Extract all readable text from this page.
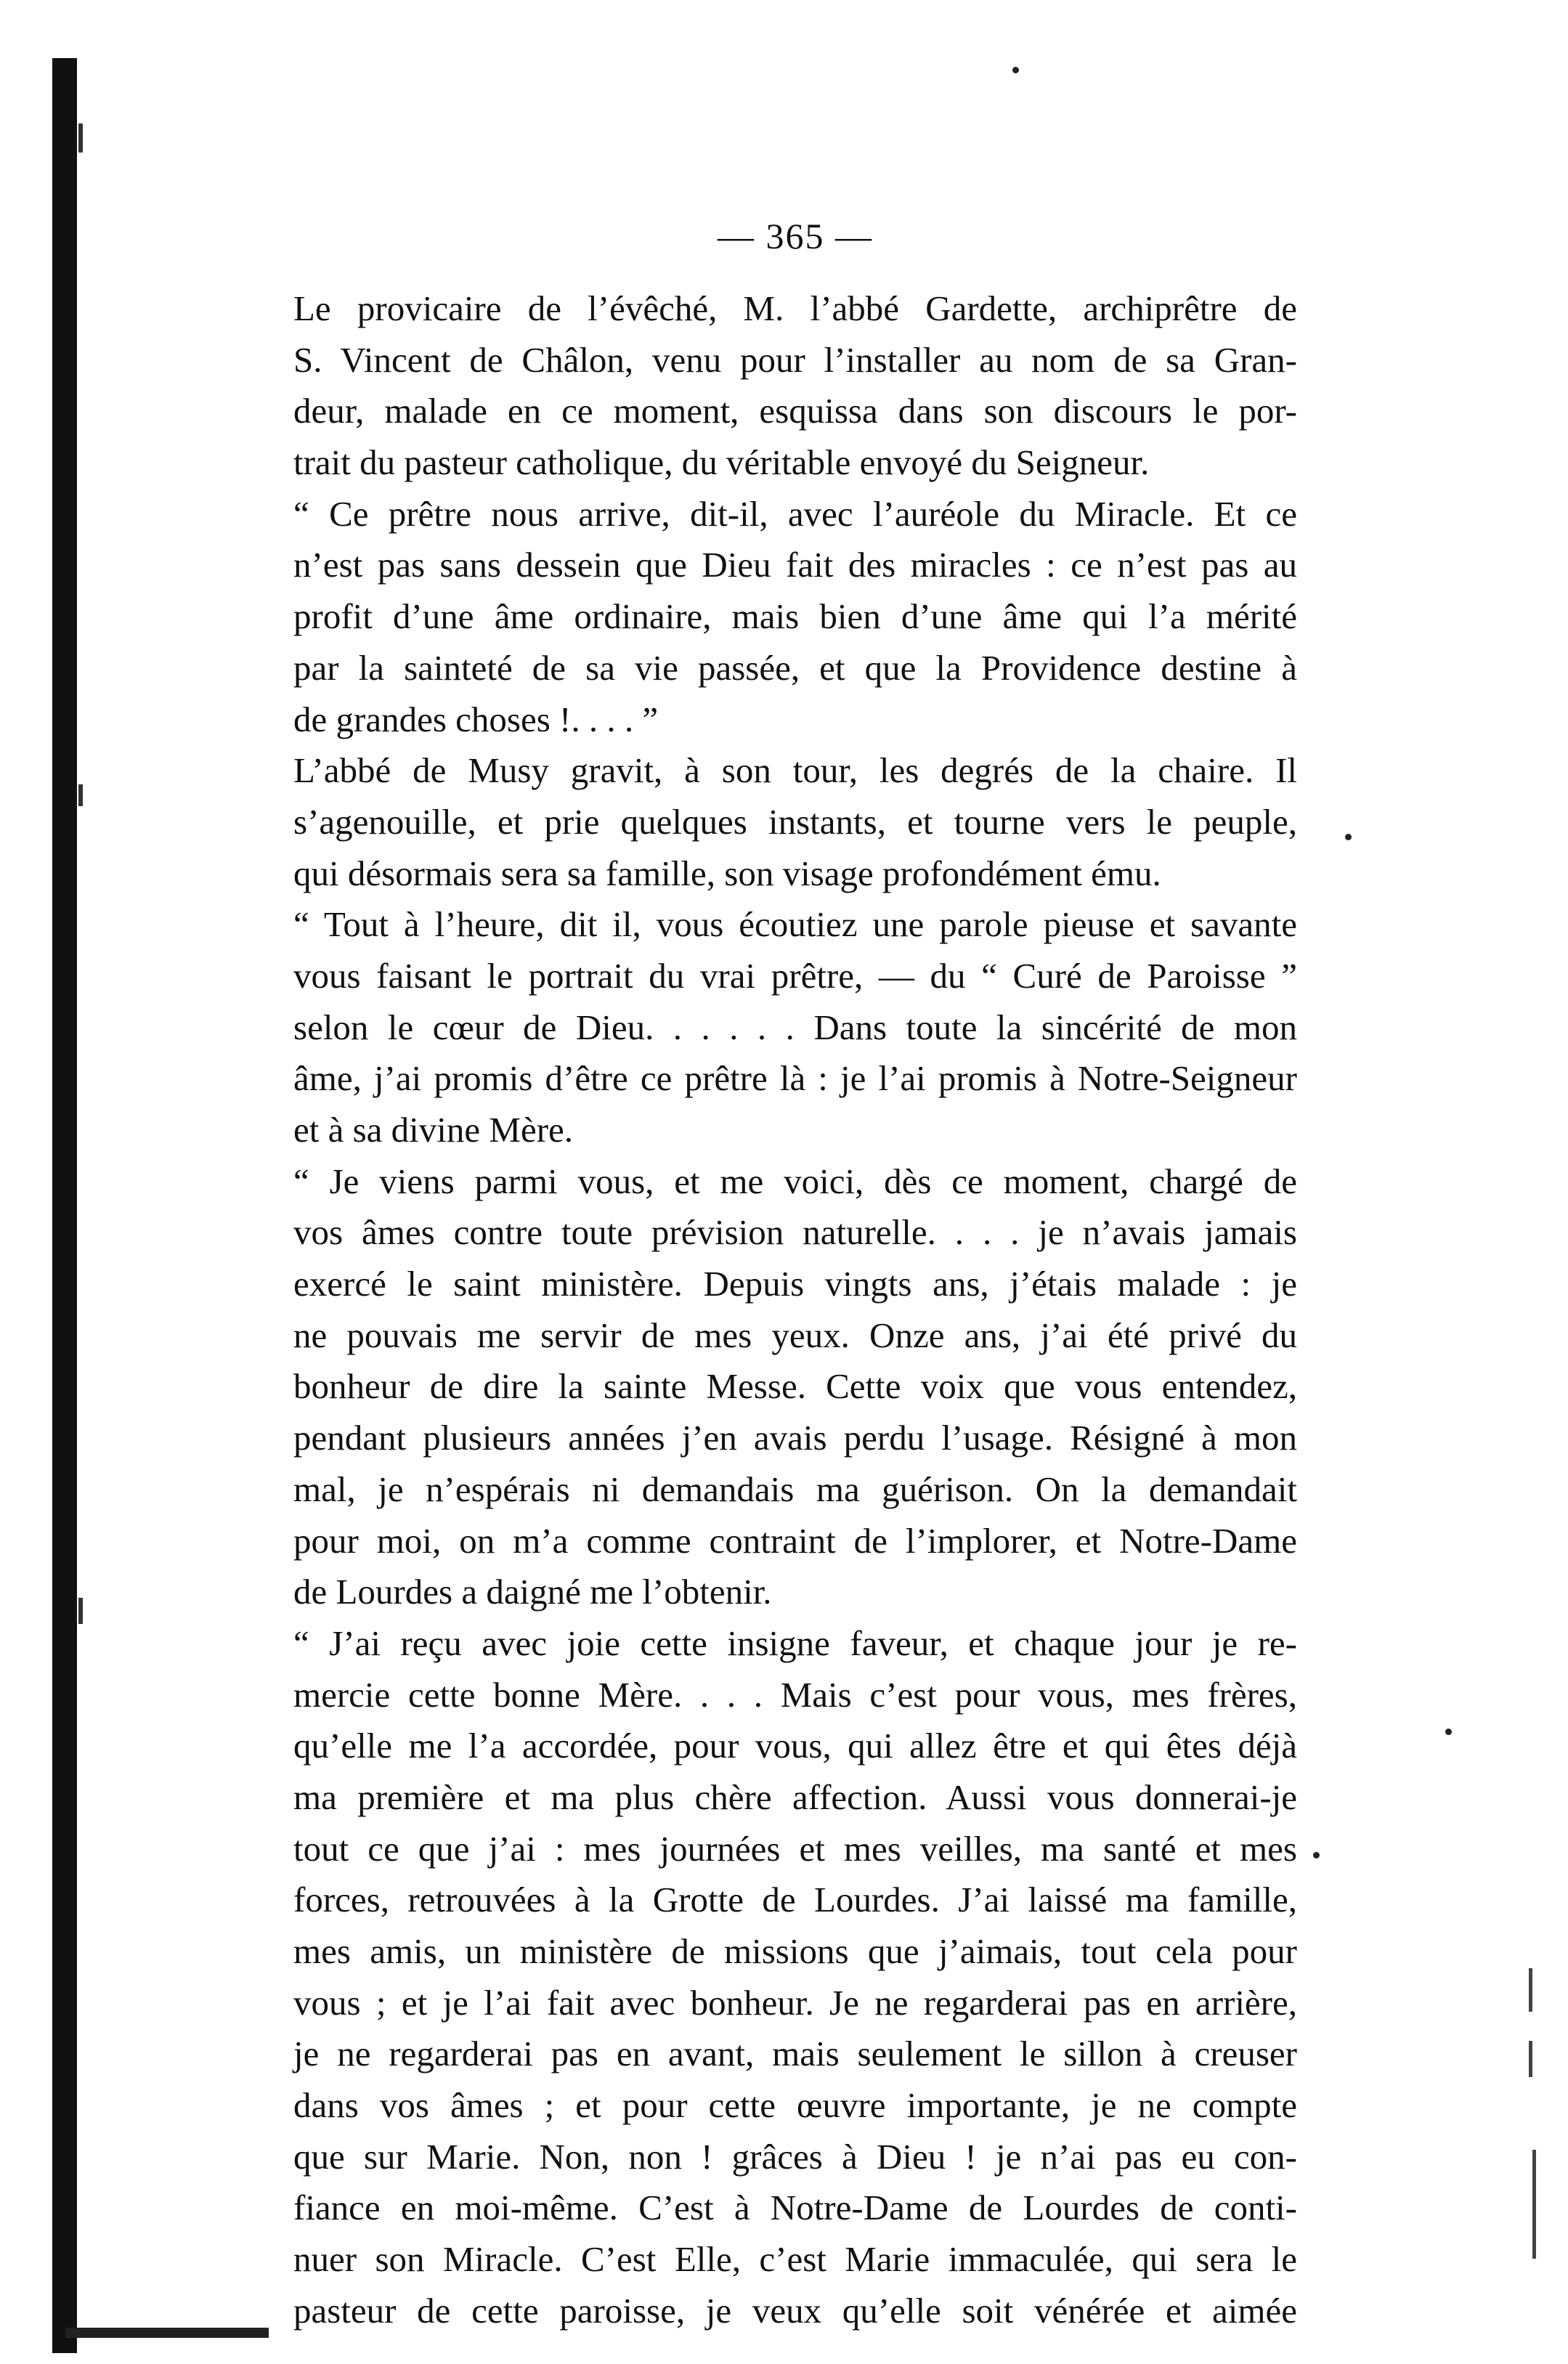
— 365 —
Le provicaire de l’évêché, M. l’abbé Gardette, archiprêtre de
S. Vincent de Châlon, venu pour l’installer au nom de sa Gran-
deur, malade en ce moment, esquissa dans son discours le por-
trait du pasteur catholique, du véritable envoyé du Seigneur.
“ Ce prêtre nous arrive, dit-il, avec l’auréole du Miracle. Et ce
n’est pas sans dessein que Dieu fait des miracles : ce n’est pas au
profit d’une âme ordinaire, mais bien d’une âme qui l’a mérité
par la sainteté de sa vie passée, et que la Providence destine à
de grandes choses !. . . . ”
L’abbé de Musy gravit, à son tour, les degrés de la chaire. Il
s’agenouille, et prie quelques instants, et tourne vers le peuple,
qui désormais sera sa famille, son visage profondément ému.
“ Tout à l’heure, dit il, vous écoutiez une parole pieuse et savante
vous faisant le portrait du vrai prêtre, — du “ Curé de Paroisse ”
selon le cœur de Dieu. . . . . . Dans toute la sincérité de mon
âme, j’ai promis d’être ce prêtre là : je l’ai promis à Notre-Seigneur
et à sa divine Mère.
“ Je viens parmi vous, et me voici, dès ce moment, chargé de
vos âmes contre toute prévision naturelle. . . . je n’avais jamais
exercé le saint ministère. Depuis vingts ans, j’étais malade : je
ne pouvais me servir de mes yeux. Onze ans, j’ai été privé du
bonheur de dire la sainte Messe. Cette voix que vous entendez,
pendant plusieurs années j’en avais perdu l’usage. Résigné à mon
mal, je n’espérais ni demandais ma guérison. On la demandait
pour moi, on m’a comme contraint de l’implorer, et Notre-Dame
de Lourdes a daigné me l’obtenir.
“ J’ai reçu avec joie cette insigne faveur, et chaque jour je re-
mercie cette bonne Mère. . . . Mais c’est pour vous, mes frères,
qu’elle me l’a accordée, pour vous, qui allez être et qui êtes déjà
ma première et ma plus chère affection. Aussi vous donnerai-je
tout ce que j’ai : mes journées et mes veilles, ma santé et mes
forces, retrouvées à la Grotte de Lourdes. J’ai laissé ma famille,
mes amis, un ministère de missions que j’aimais, tout cela pour
vous ; et je l’ai fait avec bonheur. Je ne regarderai pas en arrière,
je ne regarderai pas en avant, mais seulement le sillon à creuser
dans vos âmes ; et pour cette œuvre importante, je ne compte
que sur Marie. Non, non ! grâces à Dieu ! je n’ai pas eu con-
fiance en moi-même. C’est à Notre-Dame de Lourdes de conti-
nuer son Miracle. C’est Elle, c’est Marie immaculée, qui sera le
pasteur de cette paroisse, je veux qu’elle soit vénérée et aimée
